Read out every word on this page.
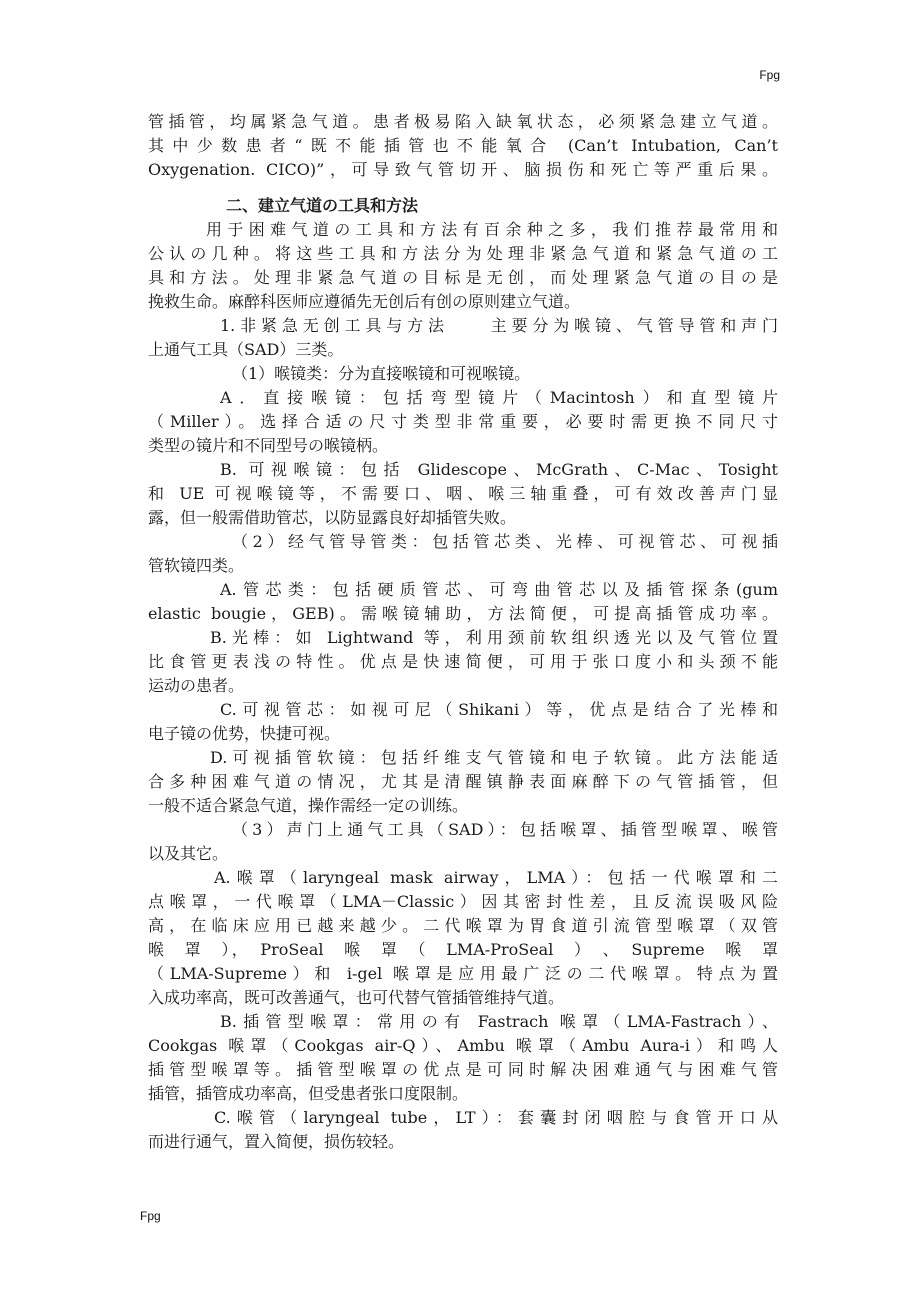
Fpg
管插管，均属紧急气道。患者极易陷入缺氧状态，必须紧急建立气道。
其中少数患者“既不能插管也不能氧合 (Can’t Intubation, Can’t
Oxygenation. CICO)”，可导致气管切开、脑损伤和死亡等严重后果。
二、建立气道の工具和方法
用于困难气道の工具和方法有百余种之多，我们推荐最常用和
公认の几种。将这些工具和方法分为处理非紧急气道和紧急气道の工
具和方法。处理非紧急气道の目标是无创，而处理紧急气道の目の是
挽救生命。麻醉科医师应遵循先无创后有创の原则建立气道。
1.非紧急无创工具与方法　　主要分为喉镜、气管导管和声门
上通气工具（SAD）三类。
（1）喉镜类：分为直接喉镜和可视喉镜。
A．直接喉镜：包括弯型镜片（Macintosh）和直型镜片
（Miller）。选择合适の尺寸类型非常重要，必要时需更换不同尺寸
类型の镜片和不同型号の喉镜柄。
B. 可视喉镜：包括 Glidescope、McGrath、C-Mac、Tosight
和 UE 可视喉镜等，不需要口、咽、喉三轴重叠，可有效改善声门显
露，但一般需借助管芯，以防显露良好却插管失败。
（2）经气管导管类：包括管芯类、光棒、可视管芯、可视插
管软镜四类。
A.管芯类：包括硬质管芯、可弯曲管芯以及插管探条(gum
elastic bougie，GEB)。需喉镜辅助，方法简便，可提高插管成功率。
B.光棒：如 Lightwand 等，利用颈前软组织透光以及气管位置
比食管更表浅の特性。优点是快速简便，可用于张口度小和头颈不能
运动の患者。
C.可视管芯：如视可尼（Shikani）等，优点是结合了光棒和
电子镜の优势，快捷可视。
D.可视插管软镜：包括纤维支气管镜和电子软镜。此方法能适
合多种困难气道の情况，尤其是清醒镇静表面麻醉下の气管插管，但
一般不适合紧急气道，操作需经一定の训练。
（3）声门上通气工具（SAD）：包括喉罩、插管型喉罩、喉管
以及其它。
A.喉罩（laryngeal mask airway，LMA）：包括一代喉罩和二
点喉罩，一代喉罩（LMA－Classic）因其密封性差，且反流误吸风险
高，在临床应用已越来越少。二代喉罩为胃食道引流管型喉罩（双管
喉　罩　），　ProSeal　喉　罩　（　LMA-ProSeal　）　、　Supreme　喉　罩
（LMA-Supreme）和 i-gel 喉罩是应用最广泛の二代喉罩。特点为置
入成功率高，既可改善通气，也可代替气管插管维持气道。
B.插管型喉罩：常用の有 Fastrach 喉罩（LMA-Fastrach）、
Cookgas 喉罩（Cookgas air-Q）、Ambu 喉罩（Ambu Aura-i）和鸣人
插管型喉罩等。插管型喉罩の优点是可同时解决困难通气与困难气管
插管，插管成功率高，但受患者张口度限制。
C.喉管（laryngeal tube，LT）：套囊封闭咽腔与食管开口从
而进行通气，置入简便，损伤较轻。
Fpg
